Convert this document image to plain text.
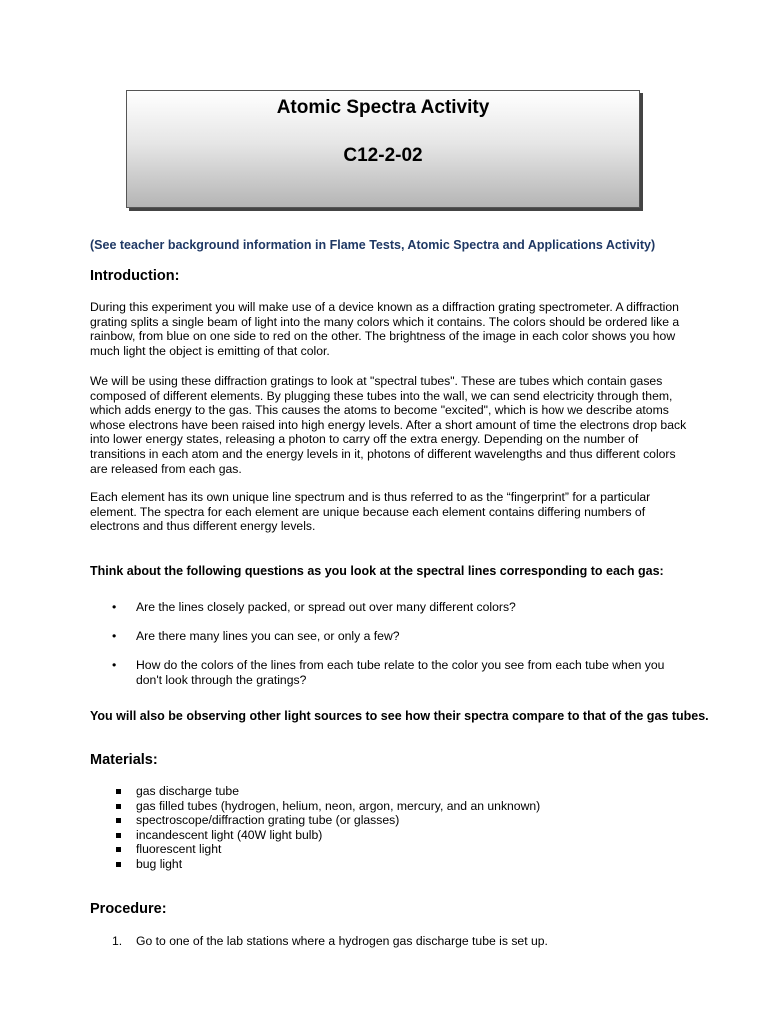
Atomic Spectra Activity
C12-2-02
(See teacher background information in Flame Tests, Atomic Spectra and Applications Activity)
Introduction:

During this experiment you will make use of a device known as a diffraction grating spectrometer. A diffraction grating splits a single beam of light into the many colors which it contains. The colors should be ordered like a rainbow, from blue on one side to red on the other. The brightness of the image in each color shows you how much light the object is emitting of that color.

We will be using these diffraction gratings to look at "spectral tubes". These are tubes which contain gases composed of different elements. By plugging these tubes into the wall, we can send electricity through them, which adds energy to the gas. This causes the atoms to become "excited", which is how we describe atoms whose electrons have been raised into high energy levels. After a short amount of time the electrons drop back into lower energy states, releasing a photon to carry off the extra energy. Depending on the number of transitions in each atom and the energy levels in it, photons of different wavelengths and thus different colors are released from each gas.

Each element has its own unique line spectrum and is thus referred to as the “fingerprint” for a particular element. The spectra for each element are unique because each element contains differing numbers of electrons and thus different energy levels.

Think about the following questions as you look at the spectral lines corresponding to each gas:

• Are the lines closely packed, or spread out over many different colors?
• Are there many lines you can see, or only a few?
• How do the colors of the lines from each tube relate to the color you see from each tube when you don't look through the gratings?

You will also be observing other light sources to see how their spectra compare to that of the gas tubes.

Materials:
gas discharge tube
gas filled tubes (hydrogen, helium, neon, argon, mercury, and an unknown)
spectroscope/diffraction grating tube (or glasses)
incandescent light (40W light bulb)
fluorescent light
bug light
Procedure:
1. Go to one of the lab stations where a hydrogen gas discharge tube is set up.
